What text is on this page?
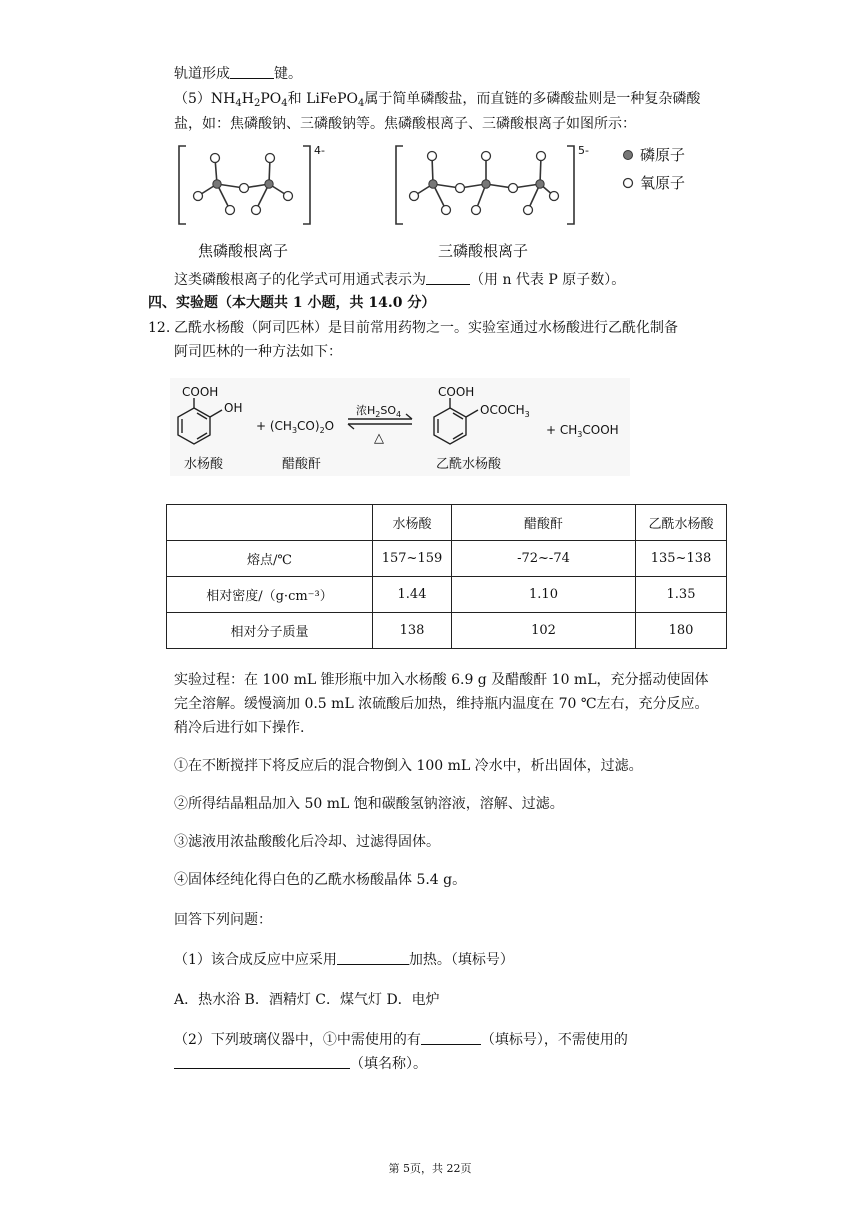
轨道形成	键。
$(5)NH_4H_2PO_4$和 LiFePO$_4$属于简单磷酸盐，而直链的多磷酸盐则是一种复杂磷酸
盐，如：焦磷酸钠、三磷酸钠等。焦磷酸根离子、三磷酸根离子如图所示：
4-	5-	磷原子
氧原子
焦磷酸根离子	三磷酸根离子
这类磷酸根离子的化学式可用通式表示为	（用 n 代表 P 原子数）。
四、实验题（本大题共 1 小题，共 14.0 分）
12. 乙酰水杨酸（阿司匹林）是目前常用药物之一。实验室通过水杨酸进行乙酰化制备
阿司匹林的一种方法如下：
COOH
OH
+ $(CH_3CO)_2O$
浓$H_2SO_4$
△
COOH
$OCOCH_3$
+ $CH_3COOH$
水杨酸	醋酸酐	乙酰水杨酸
	水杨酸	醋酸酐	乙酰水杨酸
熔点/℃	157~159	-72~-74	135~138
相对密度/（g·cm⁻³）	1.44	1.10	1.35
相对分子质量	138	102	180
实验过程：在 100 mL 锥形瓶中加入水杨酸 6.9 g 及醋酸酐 10 mL，充分摇动使固体
完全溶解。缓慢滴加 0.5 mL 浓硫酸后加热，维持瓶内温度在 70 ℃左右，充分反应。
稍冷后进行如下操作.
①在不断搅拌下将反应后的混合物倒入 100 mL 冷水中，析出固体，过滤。
②所得结晶粗品加入 50 mL 饱和碳酸氢钠溶液，溶解、过滤。
③滤液用浓盐酸酸化后冷却、过滤得固体。
④固体经纯化得白色的乙酰水杨酸晶体 5.4 g。
回答下列问题：
（1）该合成反应中应采用	加热。（填标号）
A．热水浴 B．酒精灯 C．煤气灯 D．电炉
（2）下列玻璃仪器中，①中需使用的有	（填标号），不需使用的
（填名称）。
第 5页，共 22页
